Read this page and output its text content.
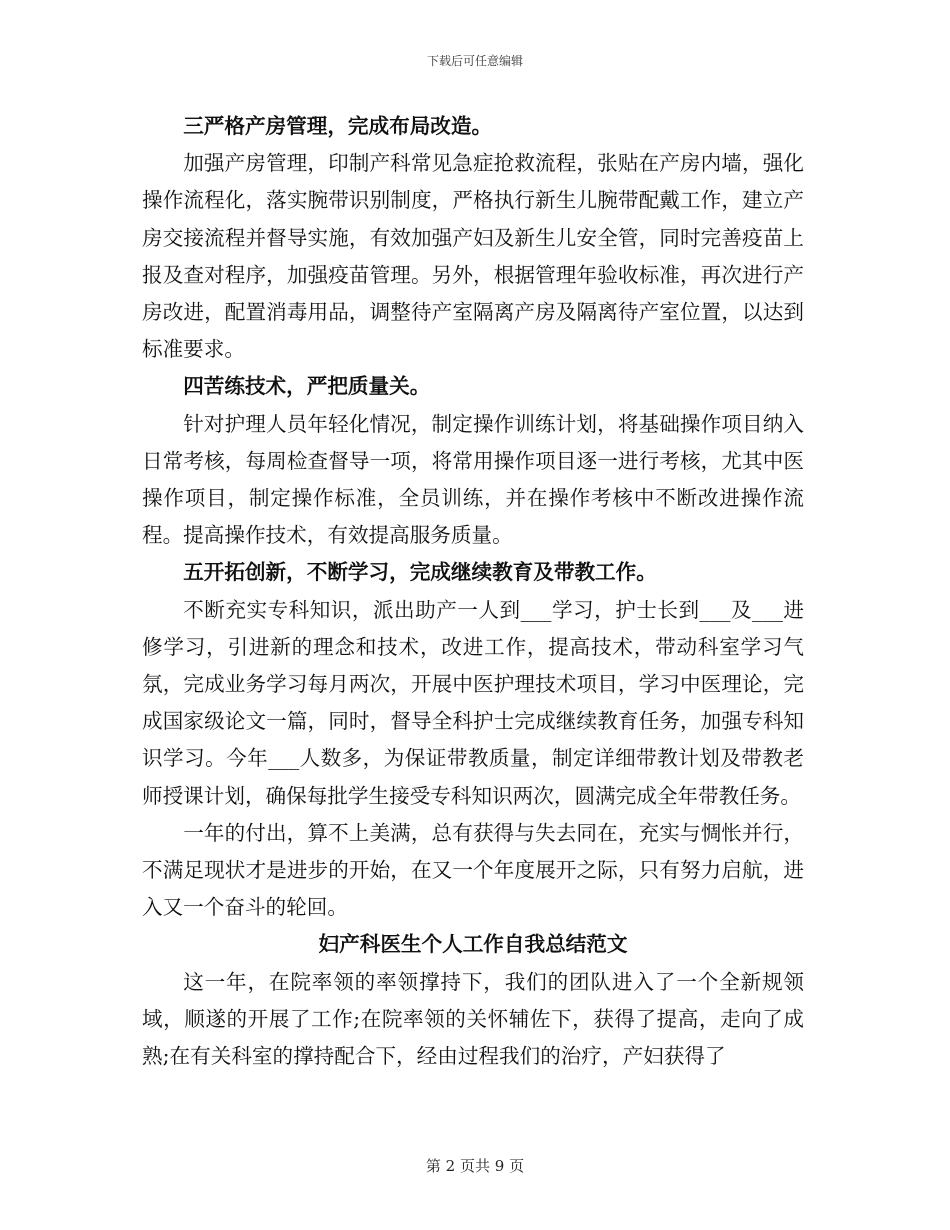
下载后可任意编辑

三严格产房管理，完成布局改造。

加强产房管理，印制产科常见急症抢救流程，张贴在产房内墙，强化操作流程化，落实腕带识别制度，严格执行新生儿腕带配戴工作，建立产房交接流程并督导实施，有效加强产妇及新生儿安全管，同时完善疫苗上报及查对程序，加强疫苗管理。另外，根据管理年验收标准，再次进行产房改进，配置消毒用品，调整待产室隔离产房及隔离待产室位置，以达到标准要求。

四苦练技术，严把质量关。

针对护理人员年轻化情况，制定操作训练计划，将基础操作项目纳入日常考核，每周检查督导一项，将常用操作项目逐一进行考核，尤其中医操作项目，制定操作标准，全员训练，并在操作考核中不断改进操作流程。提高操作技术，有效提高服务质量。

五开拓创新，不断学习，完成继续教育及带教工作。

不断充实专科知识，派出助产一人到___学习，护士长到___及___进修学习，引进新的理念和技术，改进工作，提高技术，带动科室学习气氛，完成业务学习每月两次，开展中医护理技术项目，学习中医理论，完成国家级论文一篇，同时，督导全科护士完成继续教育任务，加强专科知识学习。今年___人数多，为保证带教质量，制定详细带教计划及带教老师授课计划，确保每批学生接受专科知识两次，圆满完成全年带教任务。

一年的付出，算不上美满，总有获得与失去同在，充实与惆怅并行，不满足现状才是进步的开始，在又一个年度展开之际，只有努力启航，进入又一个奋斗的轮回。

妇产科医生个人工作自我总结范文

这一年，在院率领的率领撑持下，我们的团队进入了一个全新规领域，顺遂的开展了工作;在院率领的关怀辅佐下，获得了提高，走向了成熟;在有关科室的撑持配合下，经由过程我们的治疗，产妇获得了

第 2 页共 9 页
